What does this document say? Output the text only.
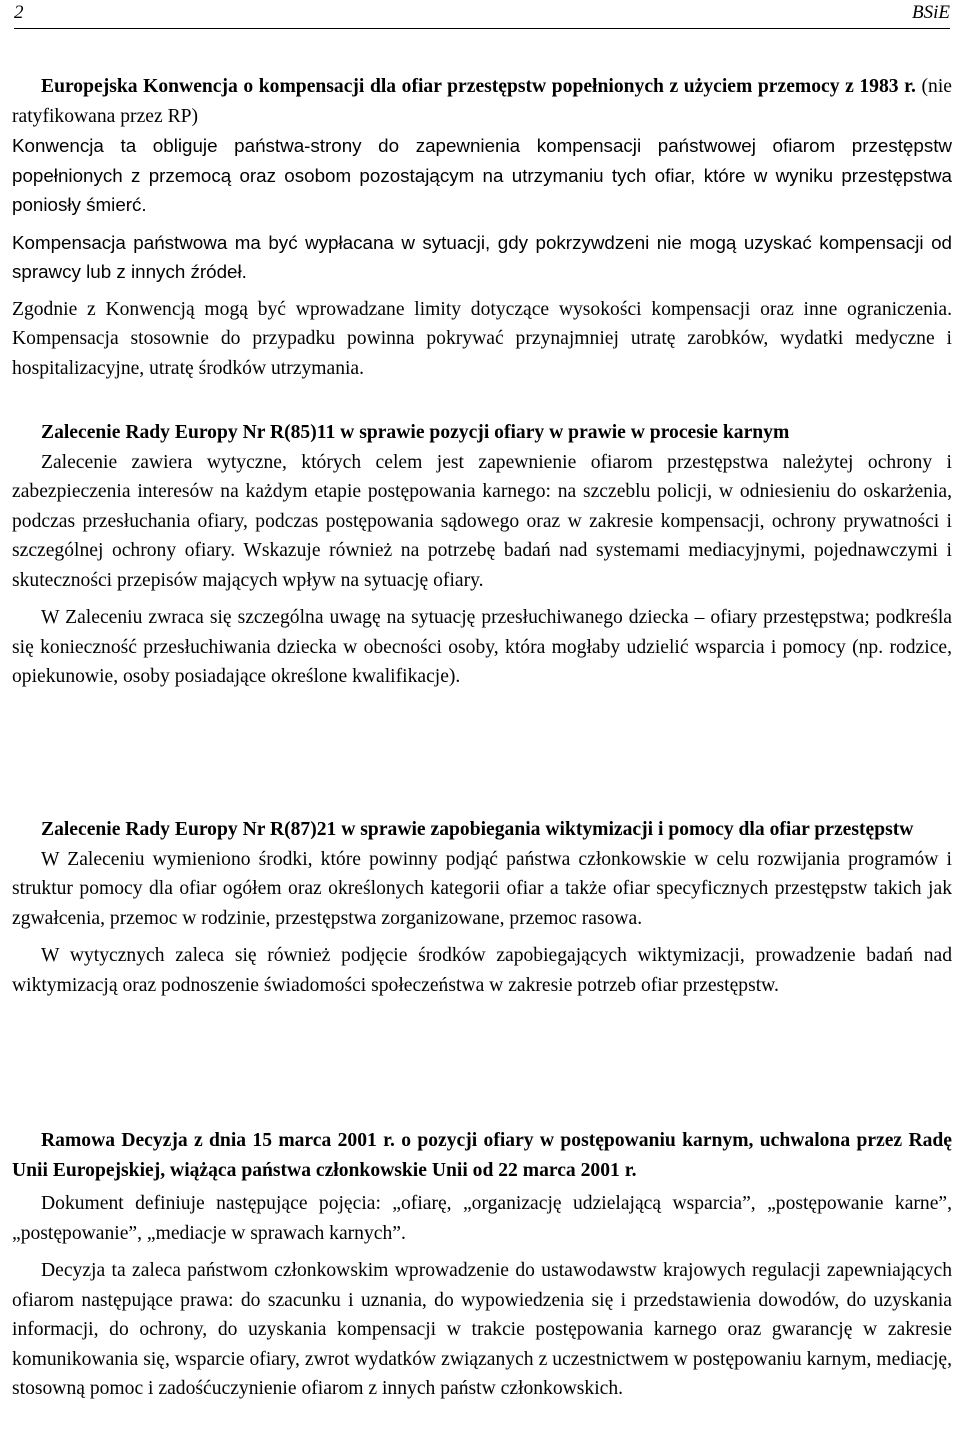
2	BSiE

Europejska Konwencja o kompensacji dla ofiar przestępstw popełnionych z użyciem przemocy z 1983 r. (nie ratyfikowana przez RP)

Konwencja ta obliguje państwa-strony do zapewnienia kompensacji państwowej ofiarom przestępstw popełnionych z przemocą oraz osobom pozostającym na utrzymaniu tych ofiar, które w wyniku przestępstwa poniosły śmierć.

Kompensacja państwowa ma być wypłacana w sytuacji, gdy pokrzywdzeni nie mogą uzyskać kompensacji od sprawcy lub z innych źródeł.

Zgodnie z Konwencją mogą być wprowadzane limity dotyczące wysokości kompensacji oraz inne ograniczenia. Kompensacja stosownie do przypadku powinna pokrywać przynajmniej utratę zarobków, wydatki medyczne i hospitalizacyjne, utratę środków utrzymania.

Zalecenie Rady Europy Nr R(85)11 w sprawie pozycji ofiary w prawie w procesie karnym

Zalecenie zawiera wytyczne, których celem jest zapewnienie ofiarom przestępstwa należytej ochrony i zabezpieczenia interesów na każdym etapie postępowania karnego: na szczeblu policji, w odniesieniu do oskarżenia, podczas przesłuchania ofiary, podczas postępowania sądowego oraz w zakresie kompensacji, ochrony prywatności i szczególnej ochrony ofiary. Wskazuje również na potrzebę badań nad systemami mediacyjnymi, pojednawczymi i skuteczności przepisów mających wpływ na sytuację ofiary.

W Zaleceniu zwraca się szczególna uwagę na sytuację przesłuchiwanego dziecka – ofiary przestępstwa; podkreśla się konieczność przesłuchiwania dziecka w obecności osoby, która mogłaby udzielić wsparcia i pomocy (np. rodzice, opiekunowie, osoby posiadające określone kwalifikacje).

Zalecenie Rady Europy Nr R(87)21 w sprawie zapobiegania wiktymizacji i pomocy dla ofiar przestępstw

W Zaleceniu wymieniono środki, które powinny podjąć państwa członkowskie w celu rozwijania programów i struktur pomocy dla ofiar ogółem oraz określonych kategorii ofiar a także ofiar specyficznych przestępstw takich jak zgwałcenia, przemoc w rodzinie, przestępstwa zorganizowane, przemoc rasowa.

W wytycznych zaleca się również podjęcie środków zapobiegających wiktymizacji, prowadzenie badań nad wiktymizacją oraz podnoszenie świadomości społeczeństwa w zakresie potrzeb ofiar przestępstw.

Ramowa Decyzja z dnia 15 marca 2001 r. o pozycji ofiary w postępowaniu karnym, uchwalona przez Radę Unii Europejskiej, wiążąca państwa członkowskie Unii od 22 marca 2001 r.

Dokument definiuje następujące pojęcia: „ofiarę, „organizację udzielającą wsparcia”, „postępowanie karne”, „postępowanie”, „mediacje w sprawach karnych”.

Decyzja ta zaleca państwom członkowskim wprowadzenie do ustawodawstw krajowych regulacji zapewniających ofiarom następujące prawa: do szacunku i uznania, do wypowiedzenia się i przedstawienia dowodów, do uzyskania informacji, do ochrony, do uzyskania kompensacji w trakcie postępowania karnego oraz gwarancję w zakresie komunikowania się, wsparcie ofiary, zwrot wydatków związanych z uczestnictwem w postępowaniu karnym, mediację, stosowną pomoc i zadośćuczynienie ofiarom z innych państw członkowskich.
